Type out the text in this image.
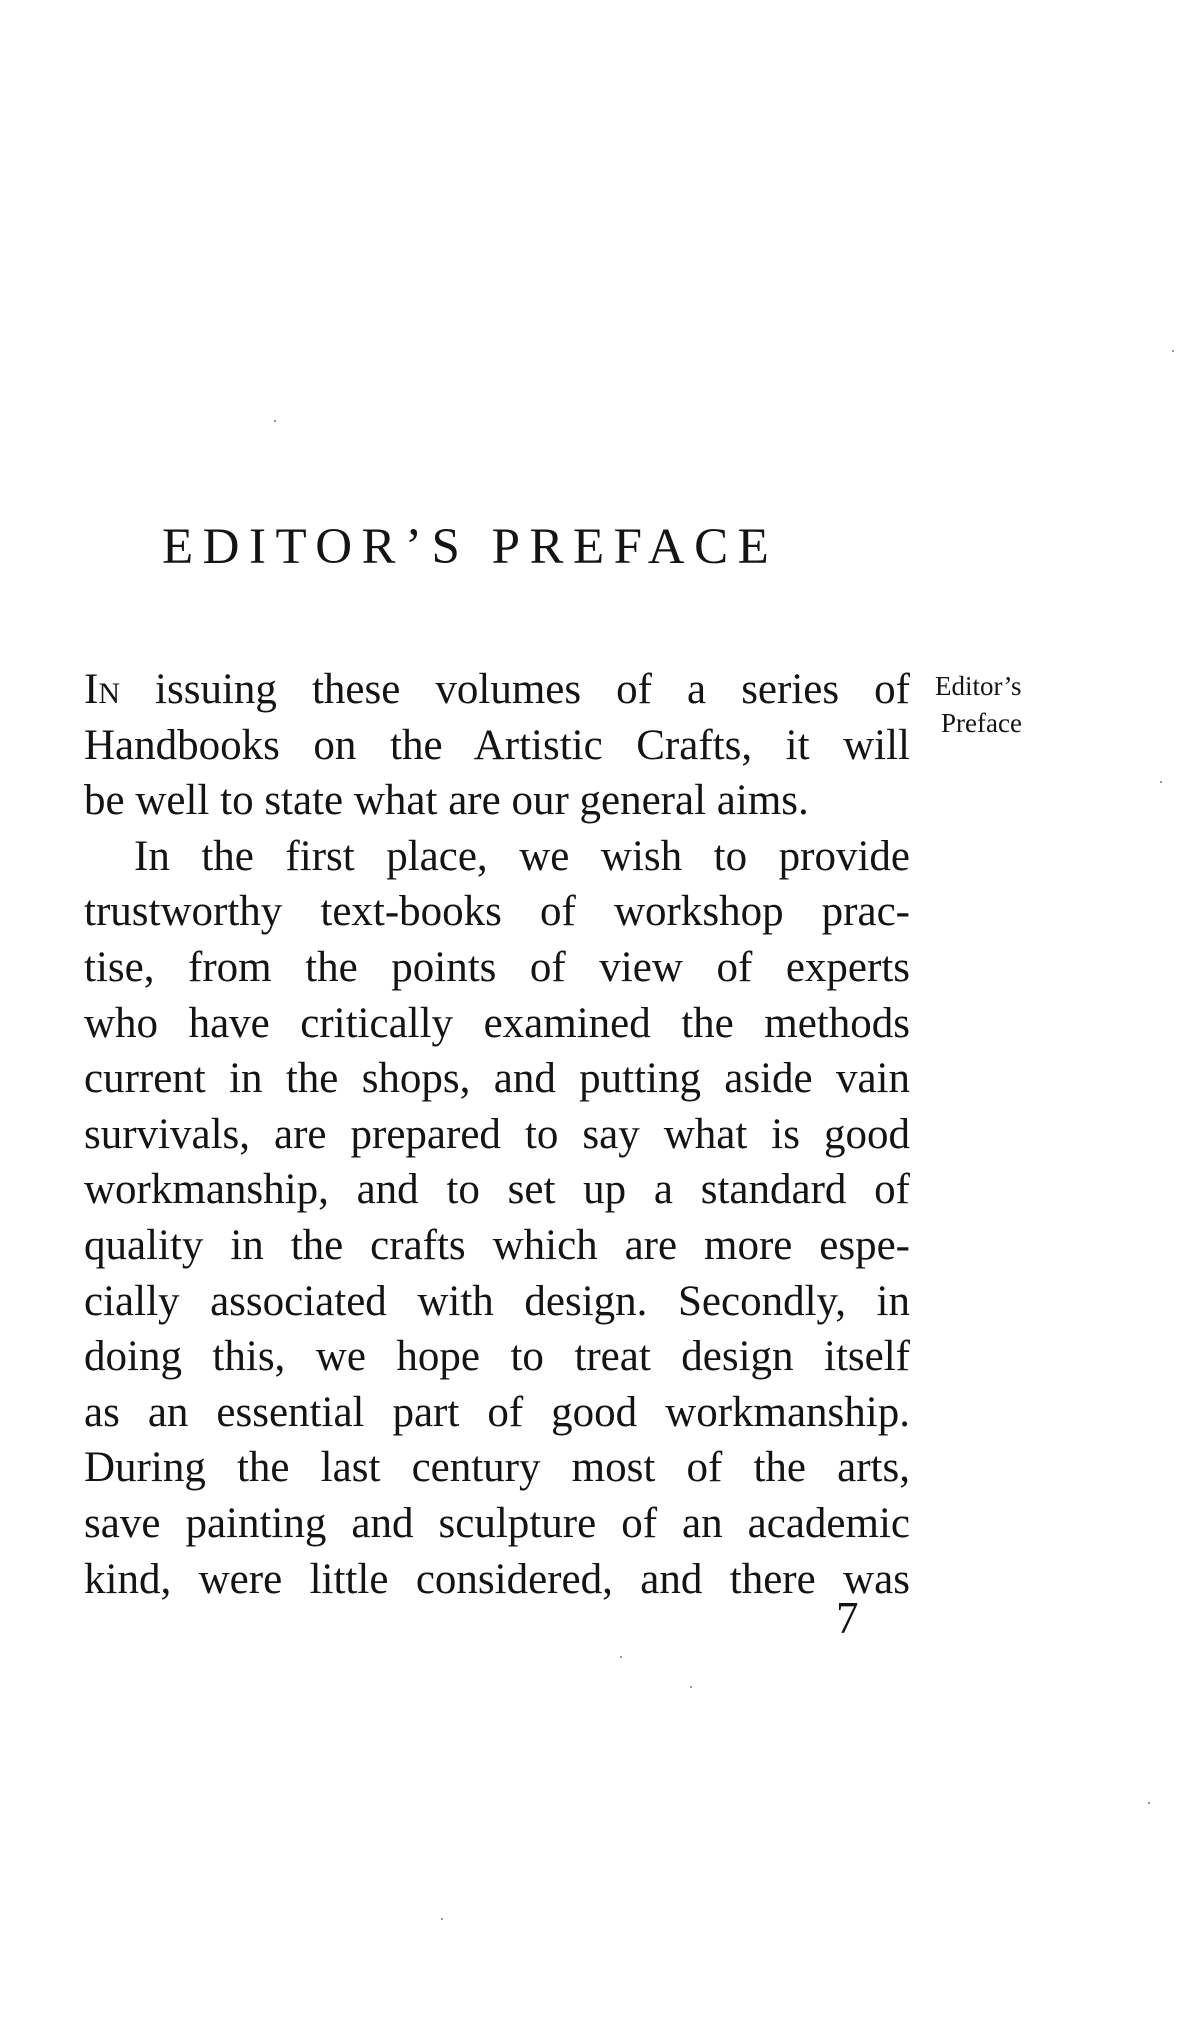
EDITOR’S PREFACE
Editor’s
Preface
In issuing these volumes of a series of
Handbooks on the Artistic Crafts, it will
be well to state what are our general aims.
In the first place, we wish to provide
trustworthy text-books of workshop prac-
tise, from the points of view of experts
who have critically examined the methods
current in the shops, and putting aside vain
survivals, are prepared to say what is good
workmanship, and to set up a standard of
quality in the crafts which are more espe-
cially associated with design. Secondly, in
doing this, we hope to treat design itself
as an essential part of good workmanship.
During the last century most of the arts,
save painting and sculpture of an academic
kind, were little considered, and there was
7
